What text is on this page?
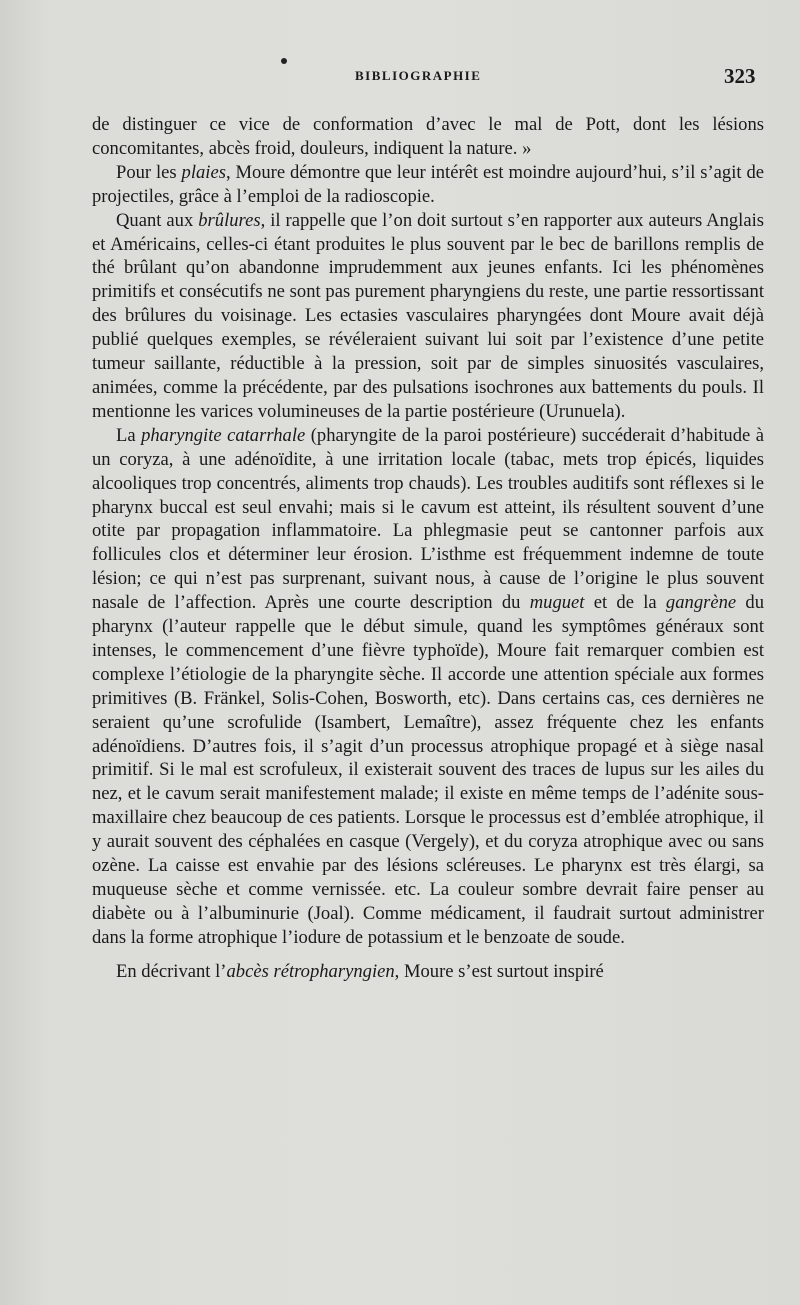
BIBLIOGRAPHIE	323

de distinguer ce vice de conformation d’avec le mal de Pott, dont les lésions concomitantes, abcès froid, douleurs, indiquent la nature. »

Pour les plaies, Moure démontre que leur intérêt est moindre aujourd’hui, s’il s’agit de projectiles, grâce à l’emploi de la radioscopie.

Quant aux brûlures, il rappelle que l’on doit surtout s’en rapporter aux auteurs Anglais et Américains, celles-ci étant produites le plus souvent par le bec de barillons remplis de thé brûlant qu’on abandonne imprudemment aux jeunes enfants. Ici les phénomènes primitifs et consécutifs ne sont pas purement pharyngiens du reste, une partie ressortissant des brûlures du voisinage. Les ectasies vasculaires pharyngées dont Moure avait déjà publié quelques exemples, se révéleraient suivant lui soit par l’existence d’une petite tumeur saillante, réductible à la pression, soit par de simples sinuosités vasculaires, animées, comme la précédente, par des pulsations isochrones aux battements du pouls. Il mentionne les varices volumineuses de la partie postérieure (Urunuela).

La pharyngite catarrhale (pharyngite de la paroi postérieure) succéderait d’habitude à un coryza, à une adénoïdite, à une irritation locale (tabac, mets trop épicés, liquides alcooliques trop concentrés, aliments trop chauds). Les troubles auditifs sont réflexes si le pharynx buccal est seul envahi; mais si le cavum est atteint, ils résultent souvent d’une otite par propagation inflammatoire. La phlegmasie peut se cantonner parfois aux follicules clos et déterminer leur érosion. L’isthme est fréquemment indemne de toute lésion; ce qui n’est pas surprenant, suivant nous, à cause de l’origine le plus souvent nasale de l’affection. Après une courte description du muguet et de la gangrène du pharynx (l’auteur rappelle que le début simule, quand les symptômes généraux sont intenses, le commencement d’une fièvre typhoïde), Moure fait remarquer combien est complexe l’étiologie de la pharyngite sèche. Il accorde une attention spéciale aux formes primitives (B. Fränkel, Solis-Cohen, Bosworth, etc). Dans certains cas, ces dernières ne seraient qu’une scrofulide (Isambert, Lemaître), assez fréquente chez les enfants adénoïdiens. D’autres fois, il s’agit d’un processus atrophique propagé et à siège nasal primitif. Si le mal est scrofuleux, il existerait souvent des traces de lupus sur les ailes du nez, et le cavum serait manifestement malade; il existe en même temps de l’adénite sous-maxillaire chez beaucoup de ces patients. Lorsque le processus est d’emblée atrophique, il y aurait souvent des céphalées en casque (Vergely), et du coryza atrophique avec ou sans ozène. La caisse est envahie par des lésions scléreuses. Le pharynx est très élargi, sa muqueuse sèche et comme vernissée. etc. La couleur sombre devrait faire penser au diabète ou à l’albuminurie (Joal). Comme médicament, il faudrait surtout administrer dans la forme atrophique l’iodure de potassium et le benzoate de soude.

En décrivant l’abcès rétropharyngien, Moure s’est surtout inspiré
